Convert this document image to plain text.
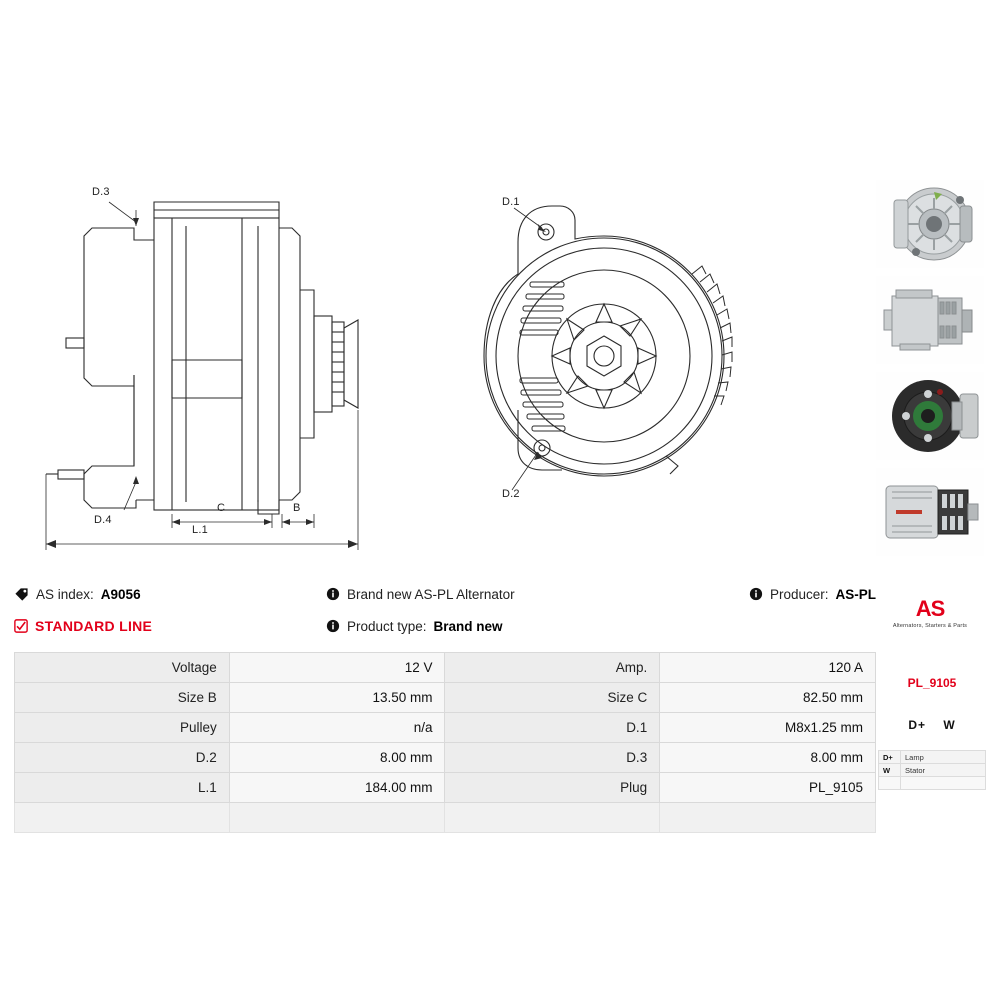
D.3
D.4
C	B
L.1
D.1
D.2
AS index: A9056	Brand new AS-PL Alternator	Producer: AS-PL
STANDARD LINE	Product type: Brand new
AS
Alternators, Starters & Parts
Voltage	12 V	Amp.	120 A
Size B	13.50 mm	Size C	82.50 mm
Pulley	n/a	D.1	M8x1.25 mm
D.2	8.00 mm	D.3	8.00 mm
L.1	184.00 mm	Plug	PL_9105

PL_9105
D+ W
D+	Lamp
W	Stator
